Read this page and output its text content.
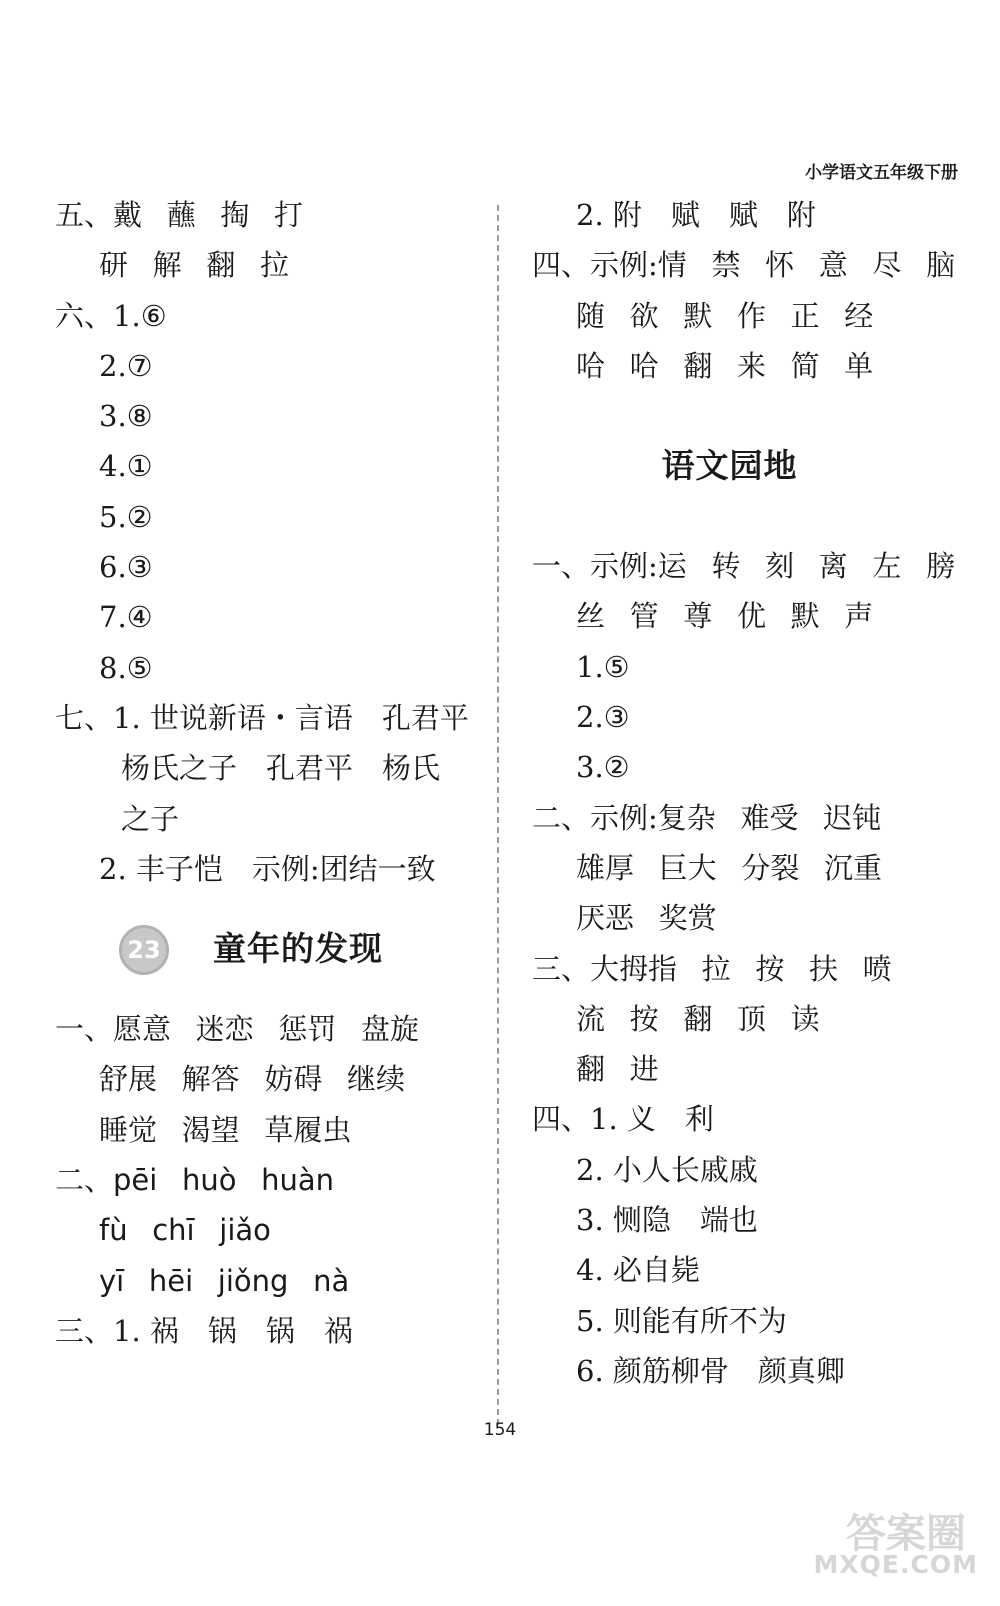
小学语文五年级下册
五、戴 蘸 掏 打
研 解 翻 拉
六、1.⑥
2.⑦
3.⑧
4.①
5.②
6.③
7.④
8.⑤
七、1. 世说新语・言语　孔君平
杨氏之子　孔君平　杨氏
之子
2. 丰子恺　示例:团结一致
23
*
童年的发现
一、愿意 迷恋 惩罚 盘旋
舒展 解答 妨碍 继续
睡觉 渴望 草履虫
二、pēi huò huàn
fù chī jiǎo
yī hēi jiǒng nà
三、1. 祸　锅　锅　祸
2. 附　赋　赋　附
四、示例:情 禁 怀 意 尽 脑
随 欲 默 作 正 经
哈 哈 翻 来 简 单
语文园地
一、示例:运 转 刻 离 左 膀
丝 管 尊 优 默 声
1.⑤
2.③
3.②
二、示例:复杂 难受 迟钝
雄厚 巨大 分裂 沉重
厌恶 奖赏
三、大拇指 拉 按 扶 喷
流 按 翻 顶 读
翻 进
四、1. 义　利
2. 小人长戚戚
3. 恻隐　端也
4. 必自毙
5. 则能有所不为
6. 颜筋柳骨　颜真卿
154
答案圈
MXQE.COM
